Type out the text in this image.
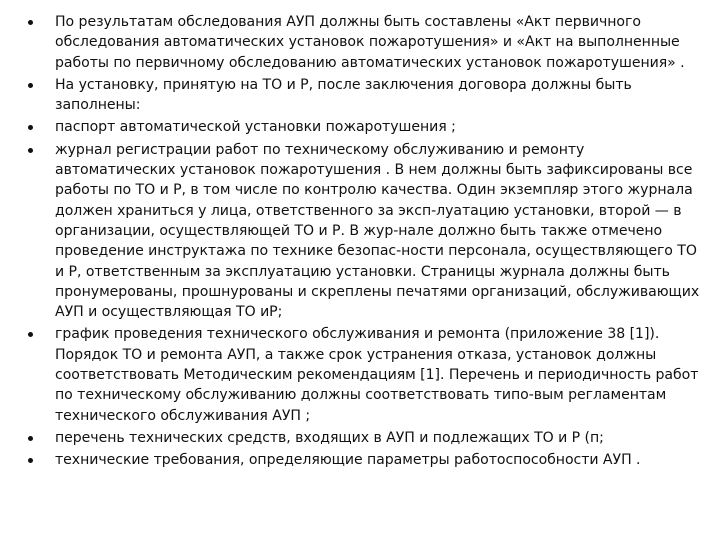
По результатам обследования АУП должны быть составлены «Акт первичного обследования автоматических установок пожаротушения» и «Акт на выполненные работы по первичному обследованию автоматических установок пожаротушения» .
На установку, принятую на ТО и Р, после заключения договора должны быть заполнены:
паспорт автоматической установки пожаротушения ;
журнал регистрации работ по техническому обслуживанию и ремонту автоматических установок пожаротушения . В нем должны быть зафиксированы все работы по ТО и Р, в том числе по контролю качества. Один экземпляр этого журнала должен храниться у лица, ответственного за эксп-луатацию установки, второй — в организации, осуществляющей ТО и Р. В жур-нале должно быть также отмечено проведение инструктажа по технике безопас-ности персонала, осуществляющего ТО и Р, ответственным за эксплуатацию установки. Страницы журнала должны быть пронумерованы, прошнурованы и скреплены печатями организаций, обслуживающих АУП и осуществляющая ТО иР;
график проведения технического обслуживания и ремонта (приложение 38 [1]). Порядок ТО и ремонта АУП, а также срок устранения отказа, установок должны соответствовать Методическим рекомендациям [1]. Перечень и периодичность работ по техническому обслуживанию должны соответствовать типо-вым регламентам технического обслуживания АУП ;
перечень технических средств, входящих в АУП и подлежащих ТО и Р (п;
технические требования, определяющие параметры работоспособности АУП .
